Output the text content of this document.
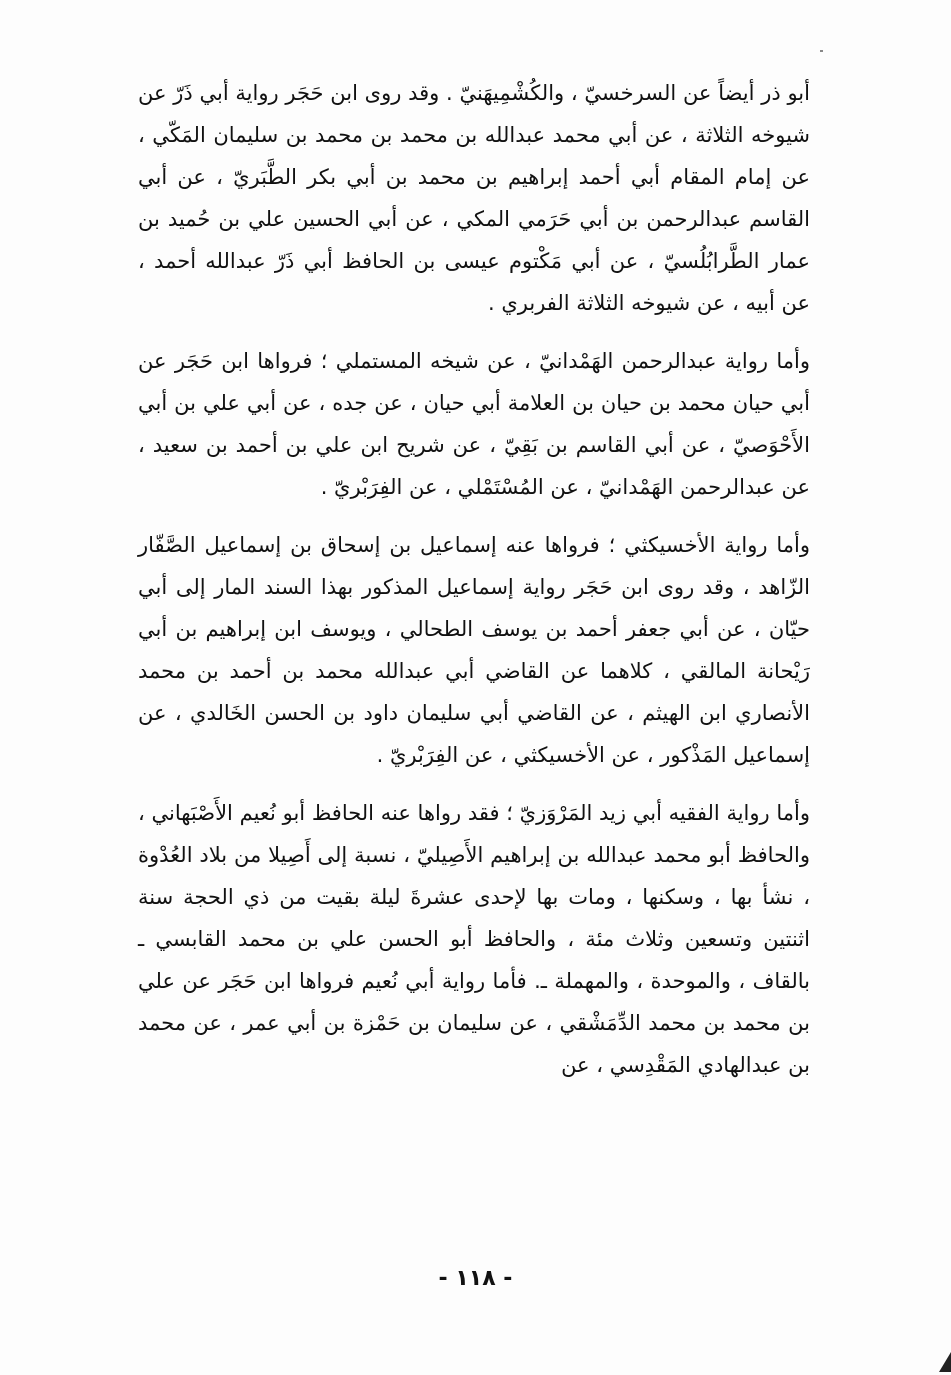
أبو ذر أيضاً عن السرخسيّ ، والكُشْمِيهَنيّ . وقد روى ابن حَجَر رواية أبي ذَرّ عن شيوخه الثلاثة ، عن أبي محمد عبدالله بن محمد بن محمد بن سليمان المَكّي ، عن إمام المقام أبي أحمد إبراهيم بن محمد بن أبي بكر الطَّبَريّ ، عن أبي القاسم عبدالرحمن بن أبي حَرَمي المكي ، عن أبي الحسين علي بن حُميد بن عمار الطَّرابُلُسيّ ، عن أبي مَكْتوم عيسى بن الحافظ أبي ذَرّ عبدالله أحمد ، عن أبيه ، عن شيوخه الثلاثة الفربري .

وأما رواية عبدالرحمن الهَمْدانيّ ، عن شيخه المستملي ؛ فرواها ابن حَجَر عن أبي حيان محمد بن حيان بن العلامة أبي حيان ، عن جده ، عن أبي علي بن أبي الأَحْوَصيّ ، عن أبي القاسم بن بَقِيّ ، عن شريح ابن علي بن أحمد بن سعيد ، عن عبدالرحمن الهَمْدانيّ ، عن المُسْتَمْلي ، عن الفِرَبْريّ .

وأما رواية الأخسيكثي ؛ فرواها عنه إسماعيل بن إسحاق بن إسماعيل الصَّفّار الزّاهد ، وقد روى ابن حَجَر رواية إسماعيل المذكور بهذا السند المار إلى أبي حيّان ، عن أبي جعفر أحمد بن يوسف الطحالي ، ويوسف ابن إبراهيم بن أبي رَيْحانة المالقي ، كلاهما عن القاضي أبي عبدالله محمد بن أحمد بن محمد الأنصاري ابن الهيثم ، عن القاضي أبي سليمان داود بن الحسن الخَالدي ، عن إسماعيل المَذْكور ، عن الأخسيكثي ، عن الفِرَبْريّ .

وأما رواية الفقيه أبي زيد المَرْوَزيّ ؛ فقد رواها عنه الحافظ أبو نُعيم الأَصْبَهاني ، والحافظ أبو محمد عبدالله بن إبراهيم الأَصِيليّ ، نسبة إلى أَصِيلا من بلاد العُدْوة ، نشأ بها ، وسكنها ، ومات بها لإحدى عشرةَ ليلة بقيت من ذي الحجة سنة اثنتين وتسعين وثلاث مئة ، والحافظ أبو الحسن علي بن محمد القابسي ـ بالقاف ، والموحدة ، والمهملة ـ. فأما رواية أبي نُعيم فرواها ابن حَجَر عن علي بن محمد بن محمد الدِّمَشْقي ، عن سليمان بن حَمْزة بن أبي عمر ، عن محمد بن عبدالهادي المَقْدِسي ، عن

- ١١٨ -
